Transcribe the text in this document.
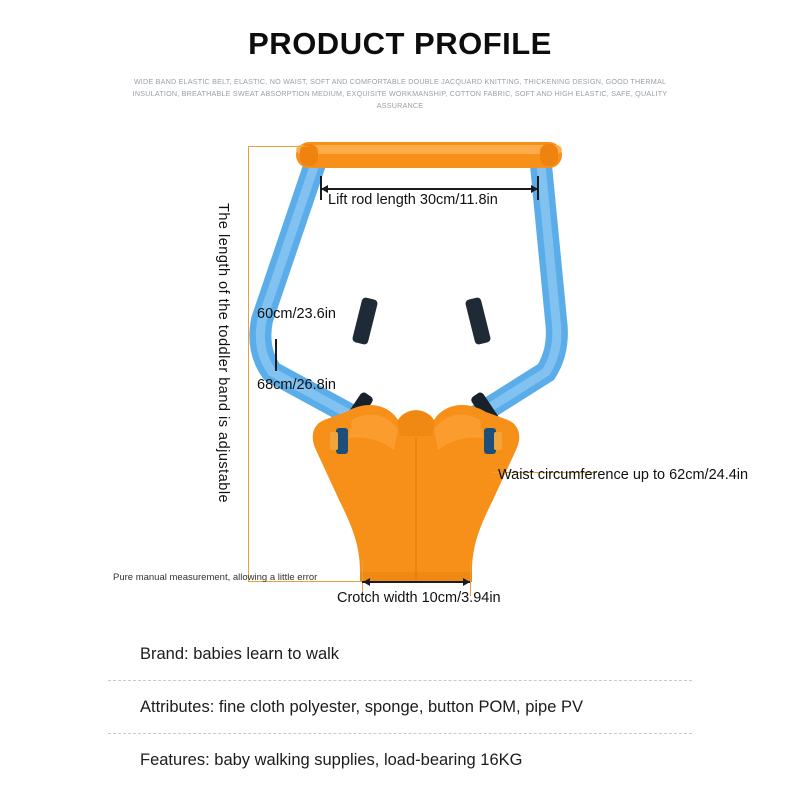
PRODUCT PROFILE
WIDE BAND ELASTIC BELT, ELASTIC, NO WAIST, SOFT AND COMFORTABLE DOUBLE JACQUARD KNITTING, THICKENING DESIGN, GOOD THERMAL INSULATION, BREATHABLE SWEAT ABSORPTION MEDIUM, EXQUISITE WORKMANSHIP, COTTON FABRIC, SOFT AND HIGH ELASTIC, SAFE, QUALITY ASSURANCE
Lift rod length 30cm/11.8in
60cm/23.6in
68cm/26.8in
Waist circumference up to 62cm/24.4in
Crotch width 10cm/3.94in
The length of the toddler band is adjustable
Pure manual measurement, allowing a little error
Brand: babies learn to walk
Attributes: fine cloth polyester, sponge, button POM, pipe PV
Features: baby walking supplies, load-bearing 16KG
